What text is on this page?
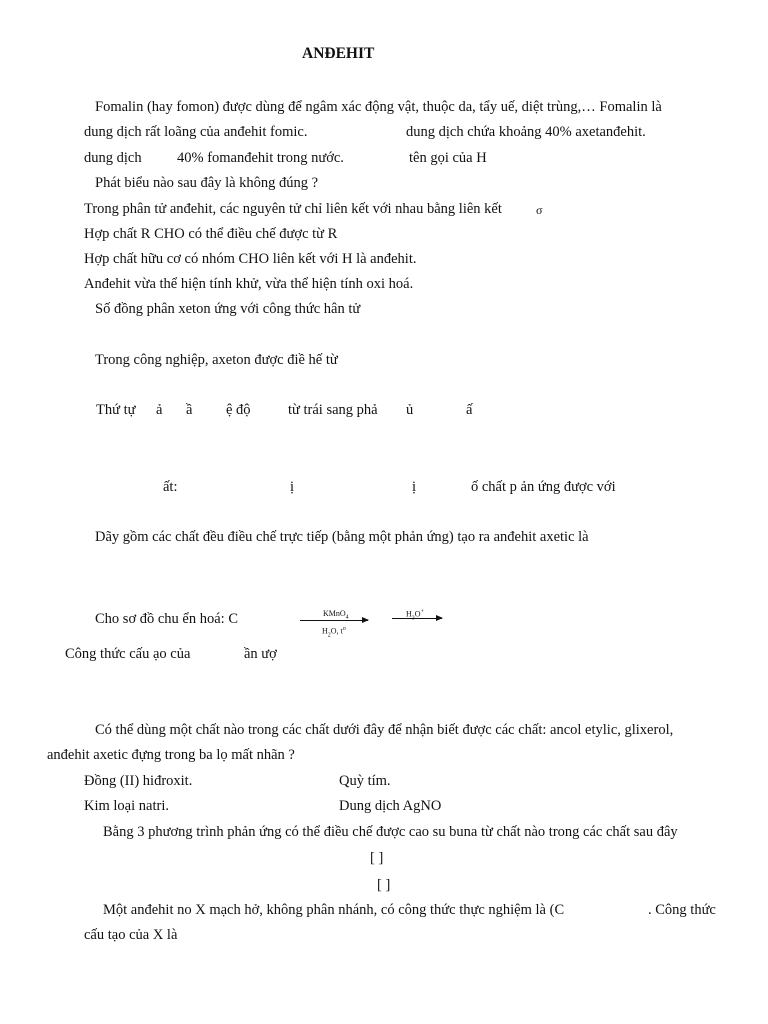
ANĐEHIT
Fomalin (hay fomon) được dùng để ngâm xác động vật, thuộc da, tẩy uế, diệt trùng,… Fomalin là
dung dịch rất loãng của anđehit fomic.	dung dịch chứa khoảng 40% axetanđehit.
dung dịch 40% fomanđehit trong nước.	tên gọi của H
Phát biểu nào sau đây là không đúng ?
Trong phân tử anđehit, các nguyên tử chỉ liên kết với nhau bằng liên kết	σ
Hợp chất R CHO có thể điều chế được từ R
Hợp chất hữu cơ có nhóm CHO liên kết với H là anđehit.
Anđehit vừa thể hiện tính khử, vừa thể hiện tính oxi hoá.
Số đồng phân xeton ứng với công thức hân tử
Trong công nghiệp, axeton được điề hế từ
Thứ tự ả ầ ệ độ	từ trái sang phả ủ	ấ
ất:	ị	ị	ố chất p ản ứng được với
Dãy gồm các chất đều điều chế trực tiếp (bằng một phản ứng) tạo ra anđehit axetic là
Cho sơ đồ chu ển hoá: C	KMnO$_4$
$H_2O$, $t^o$
$H_3O^+$
Công thức cấu ạo của	ần ượ
Có thể dùng một chất nào trong các chất dưới đây để nhận biết được các chất: ancol etylic, glixerol,
anđehit axetic đựng trong ba lọ mất nhãn ?
Đồng (II) hiđroxit.	Quỳ tím.
Kim loại natri.	Dung dịch AgNO
Bằng 3 phương trình phản ứng có thể điều chế được cao su buna từ chất nào trong các chất sau đây
[ ]
[ ]
Một anđehit no X mạch hở, không phân nhánh, có công thức thực nghiệm là (C	. Công thức
cấu tạo của X là
